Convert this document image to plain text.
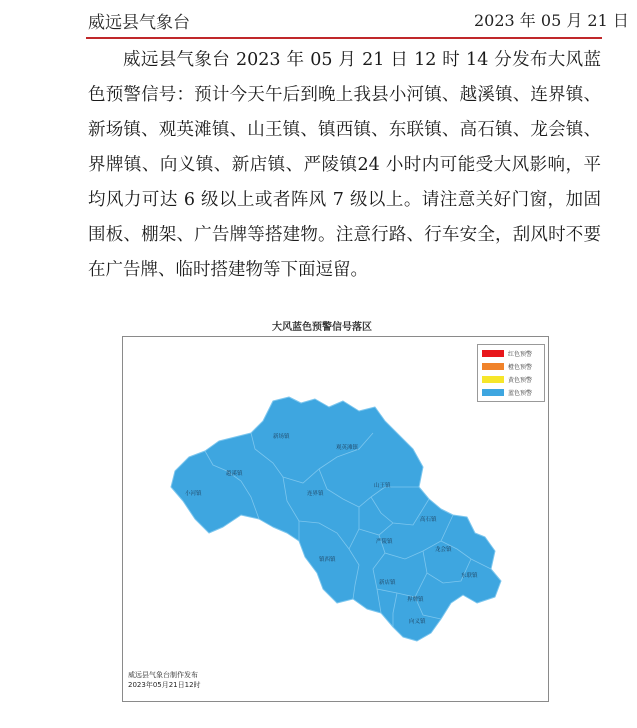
威远县气象台	2023 年 05 月 21 日

威远县气象台 2023 年 05 月 21 日 12 时 14 分发布大风蓝色预警信号：预计今天午后到晚上我县小河镇、越溪镇、连界镇、新场镇、观英滩镇、山王镇、镇西镇、东联镇、高石镇、龙会镇、界牌镇、向义镇、新店镇、严陵镇24 小时内可能受大风影响，平均风力可达 6 级以上或者阵风 7 级以上。请注意关好门窗，加固围板、棚架、广告牌等搭建物。注意行路、行车安全，刮风时不要在广告牌、临时搭建物等下面逗留。

大风蓝色预警信号落区
新场镇
观英滩镇
越溪镇
小河镇	连界镇
山王镇
高石镇
严陵镇
镇西镇
龙会镇
东联镇
新店镇
界牌镇
向义镇
红色预警
橙色预警
黄色预警
蓝色预警
威远县气象台制作发布
2023年05月21日12时
